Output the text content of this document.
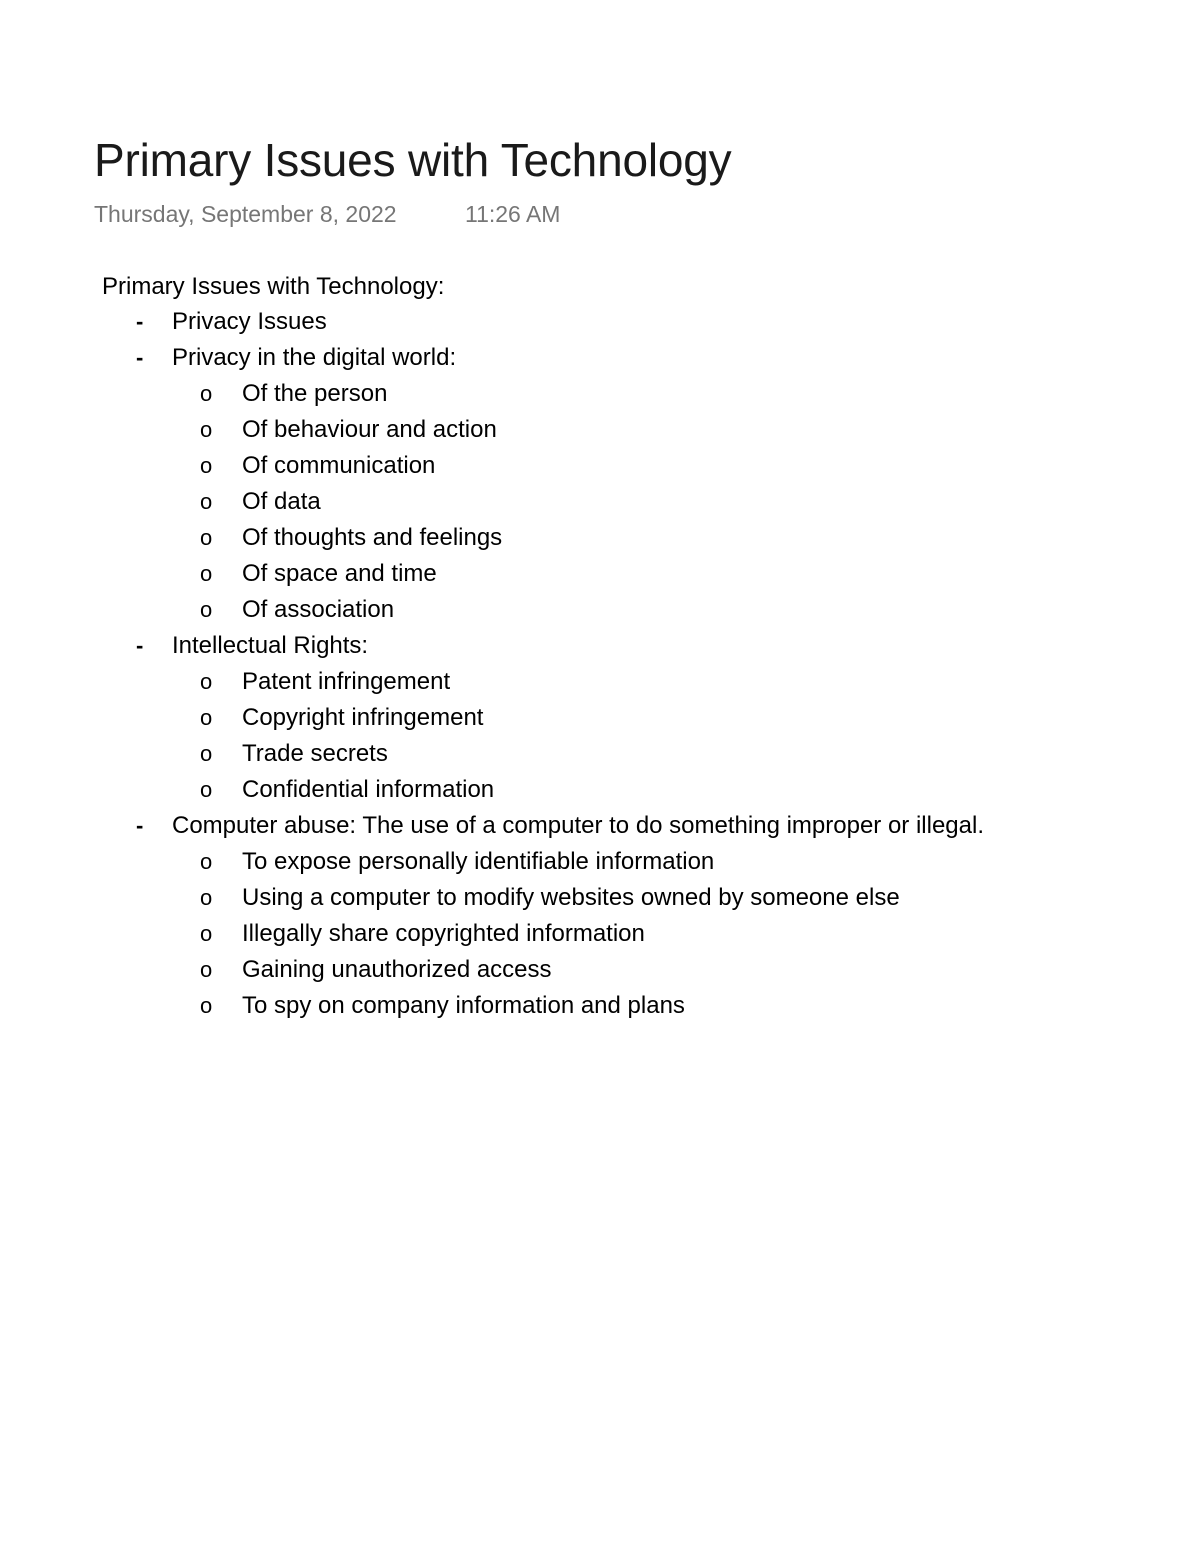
Primary Issues with Technology
Thursday, September 8, 2022	11:26 AM
Primary Issues with Technology:
- Privacy Issues
- Privacy in the digital world:
o Of the person
o Of behaviour and action
o Of communication
o Of data
o Of thoughts and feelings
o Of space and time
o Of association
- Intellectual Rights:
o Patent infringement
o Copyright infringement
o Trade secrets
o Confidential information
- Computer abuse: The use of a computer to do something improper or illegal.
o To expose personally identifiable information
o Using a computer to modify websites owned by someone else
o Illegally share copyrighted information
o Gaining unauthorized access
o To spy on company information and plans
